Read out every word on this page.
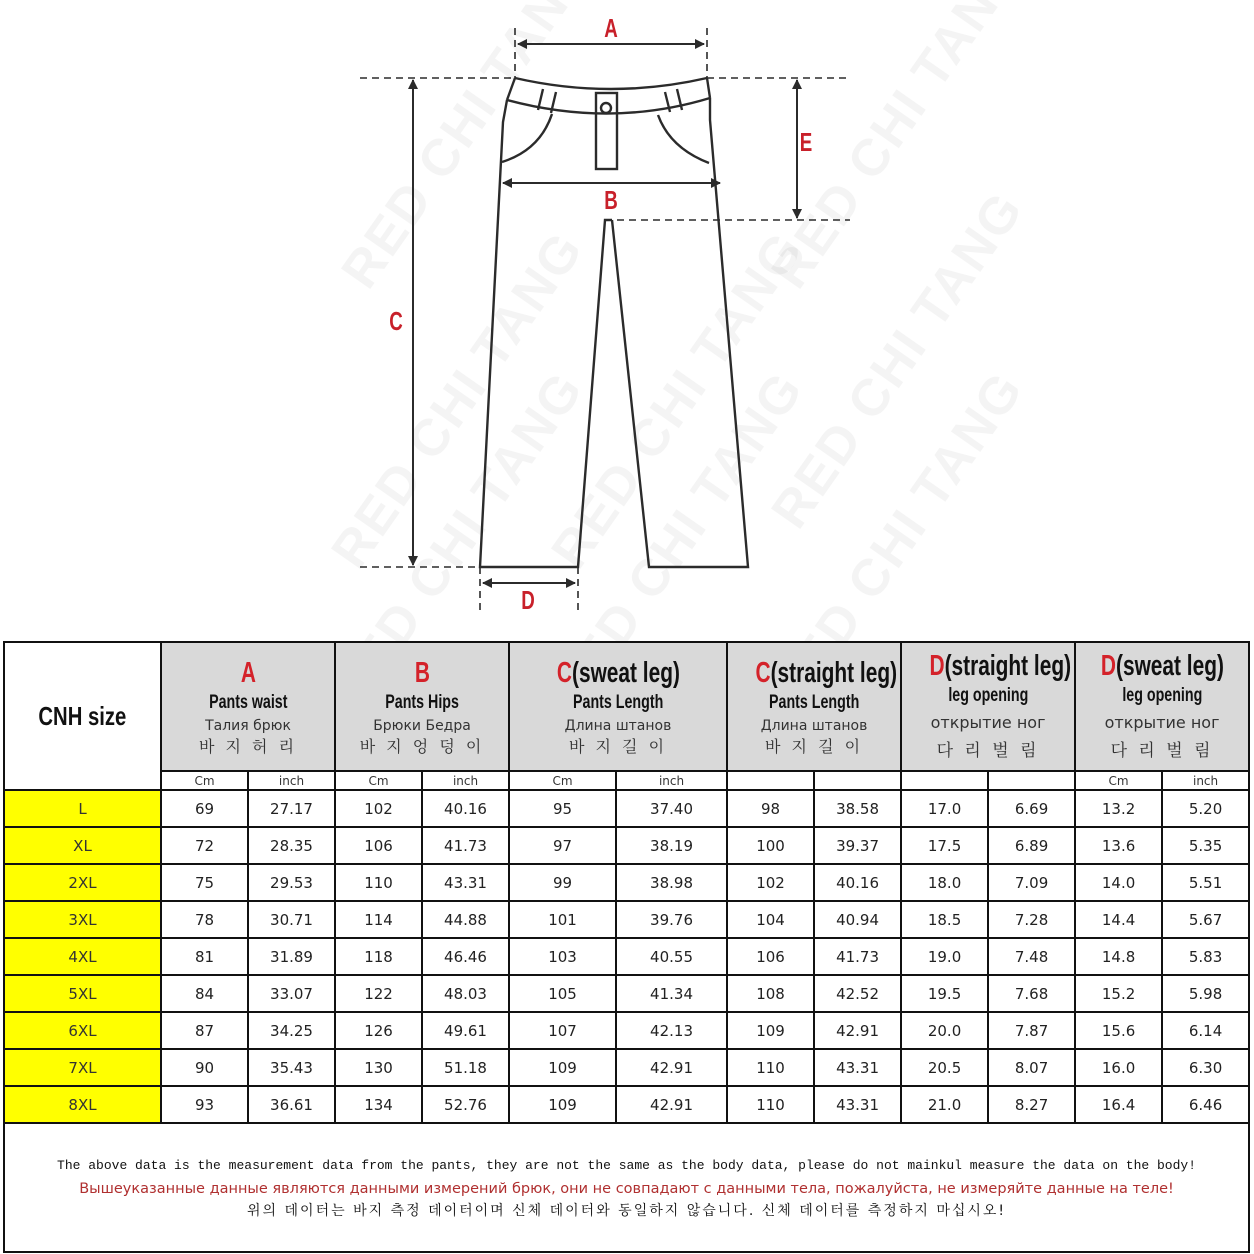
A
B
C
E
D
CNH size	
A
Pants waist
Талия брюк
바 지 허 리

B
Pants Hips
Брюки Бедра
바 지 엉 덩 이

C(sweat leg)
Pants Length
Длина штанов
바 지 길 이

C(straight leg)
Pants Length
Длина штанов
바 지 길 이

D(straight leg)
leg opening
открытие ног
다 리 벌 림

D(sweat leg)
leg opening
открытие ног
다 리 벌 림

	Cm	inch	Cm	inch	Cm	inch					Cm	inch
L	69	27.17	102	40.16	95	37.40	98	38.58	17.0	6.69	13.2	5.20
XL	72	28.35	106	41.73	97	38.19	100	39.37	17.5	6.89	13.6	5.35
2XL	75	29.53	110	43.31	99	38.98	102	40.16	18.0	7.09	14.0	5.51
3XL	78	30.71	114	44.88	101	39.76	104	40.94	18.5	7.28	14.4	5.67
4XL	81	31.89	118	46.46	103	40.55	106	41.73	19.0	7.48	14.8	5.83
5XL	84	33.07	122	48.03	105	41.34	108	42.52	19.5	7.68	15.2	5.98
6XL	87	34.25	126	49.61	107	42.13	109	42.91	20.0	7.87	15.6	6.14
7XL	90	35.43	130	51.18	109	42.91	110	43.31	20.5	8.07	16.0	6.30
8XL	93	36.61	134	52.76	109	42.91	110	43.31	21.0	8.27	16.4	6.46

The above data is the measurement data from the pants, they are not the same as the body data, please do not mainkul measure the data on the body!
Вышеуказанные данные являются данными измерений брюк, они не совпадают с данными тела, пожалуйста, не измеряйте данные на теле!
위의 데이터는 바지 측정 데이터이며 신체 데이터와 동일하지 않습니다. 신체 데이터를 측정하지 마십시오!												
